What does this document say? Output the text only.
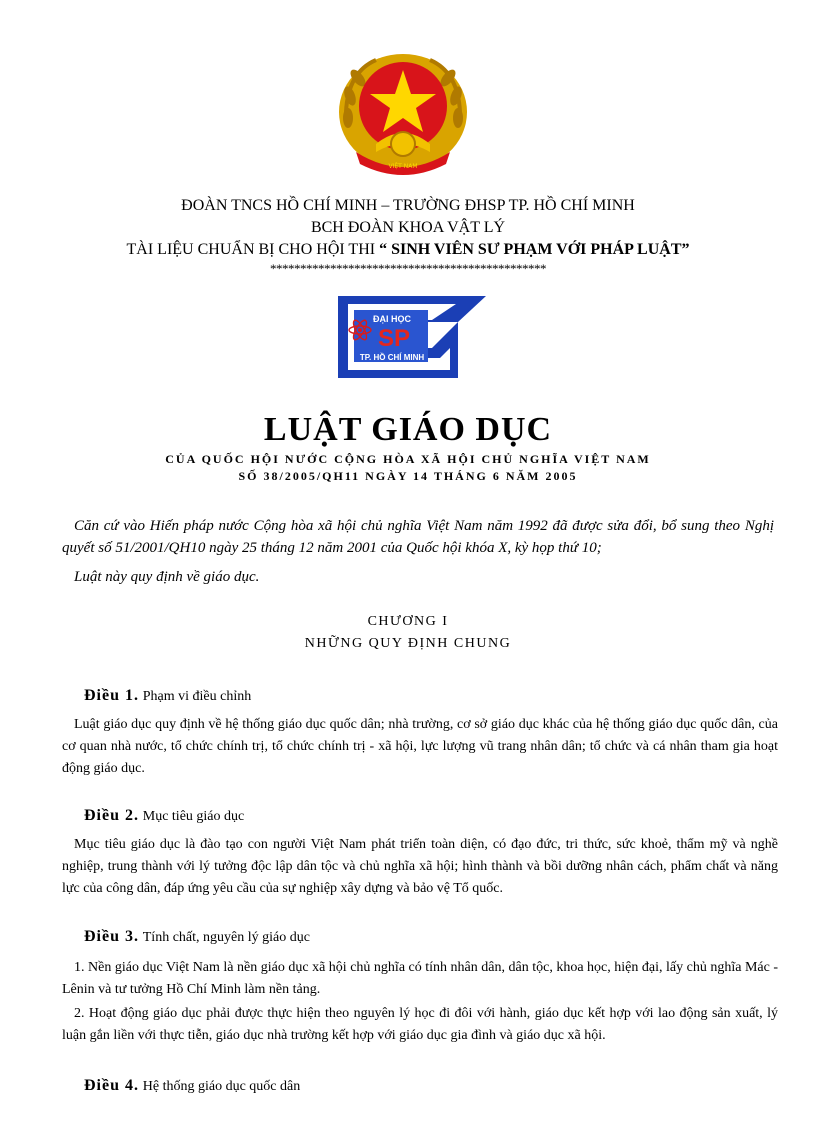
VIỆT NAM
ĐOÀN TNCS HỒ CHÍ MINH – TRƯỜNG ĐHSP TP. HỒ CHÍ MINH
BCH ĐOÀN KHOA VẬT LÝ
TÀI LIỆU CHUẨN BỊ CHO HỘI THI “ SINH VIÊN SƯ PHẠM VỚI PHÁP LUẬT”
**********************************************
ĐẠI HỌC
SP
TP. HỒ CHÍ MINH
LUẬT GIÁO DỤC
CỦA QUỐC HỘI NƯỚC CỘNG HÒA XÃ HỘI CHỦ NGHĨA VIỆT NAM
SỐ 38/2005/QH11 NGÀY 14 THÁNG 6 NĂM 2005
Căn cứ vào Hiến pháp nước Cộng hòa xã hội chủ nghĩa Việt Nam năm 1992 đã được sửa đổi, bổ sung theo Nghị quyết số 51/2001/QH10 ngày 25 tháng 12 năm 2001 của Quốc hội khóa X, kỳ họp thứ 10;
Luật này quy định về giáo dục.
CHƯƠNG I
NHỮNG QUY ĐỊNH CHUNG
Điều 1. Phạm vi điều chỉnh
Luật giáo dục quy định về hệ thống giáo dục quốc dân; nhà trường, cơ sở giáo dục khác của hệ thống giáo dục quốc dân, của cơ quan nhà nước, tổ chức chính trị, tổ chức chính trị - xã hội, lực lượng vũ trang nhân dân; tổ chức và cá nhân tham gia hoạt động giáo dục.
Điều 2. Mục tiêu giáo dục
Mục tiêu giáo dục là đào tạo con người Việt Nam phát triển toàn diện, có đạo đức, tri thức, sức khoẻ, thẩm mỹ và nghề nghiệp, trung thành với lý tưởng độc lập dân tộc và chủ nghĩa xã hội; hình thành và bồi dưỡng nhân cách, phẩm chất và năng lực của công dân, đáp ứng yêu cầu của sự nghiệp xây dựng và bảo vệ Tổ quốc.
Điều 3. Tính chất, nguyên lý giáo dục
1. Nền giáo dục Việt Nam là nền giáo dục xã hội chủ nghĩa có tính nhân dân, dân tộc, khoa học, hiện đại, lấy chủ nghĩa Mác - Lênin và tư tưởng Hồ Chí Minh làm nền tảng.
2. Hoạt động giáo dục phải được thực hiện theo nguyên lý học đi đôi với hành, giáo dục kết hợp với lao động sản xuất, lý luận gắn liền với thực tiễn, giáo dục nhà trường kết hợp với giáo dục gia đình và giáo dục xã hội.
Điều 4. Hệ thống giáo dục quốc dân
